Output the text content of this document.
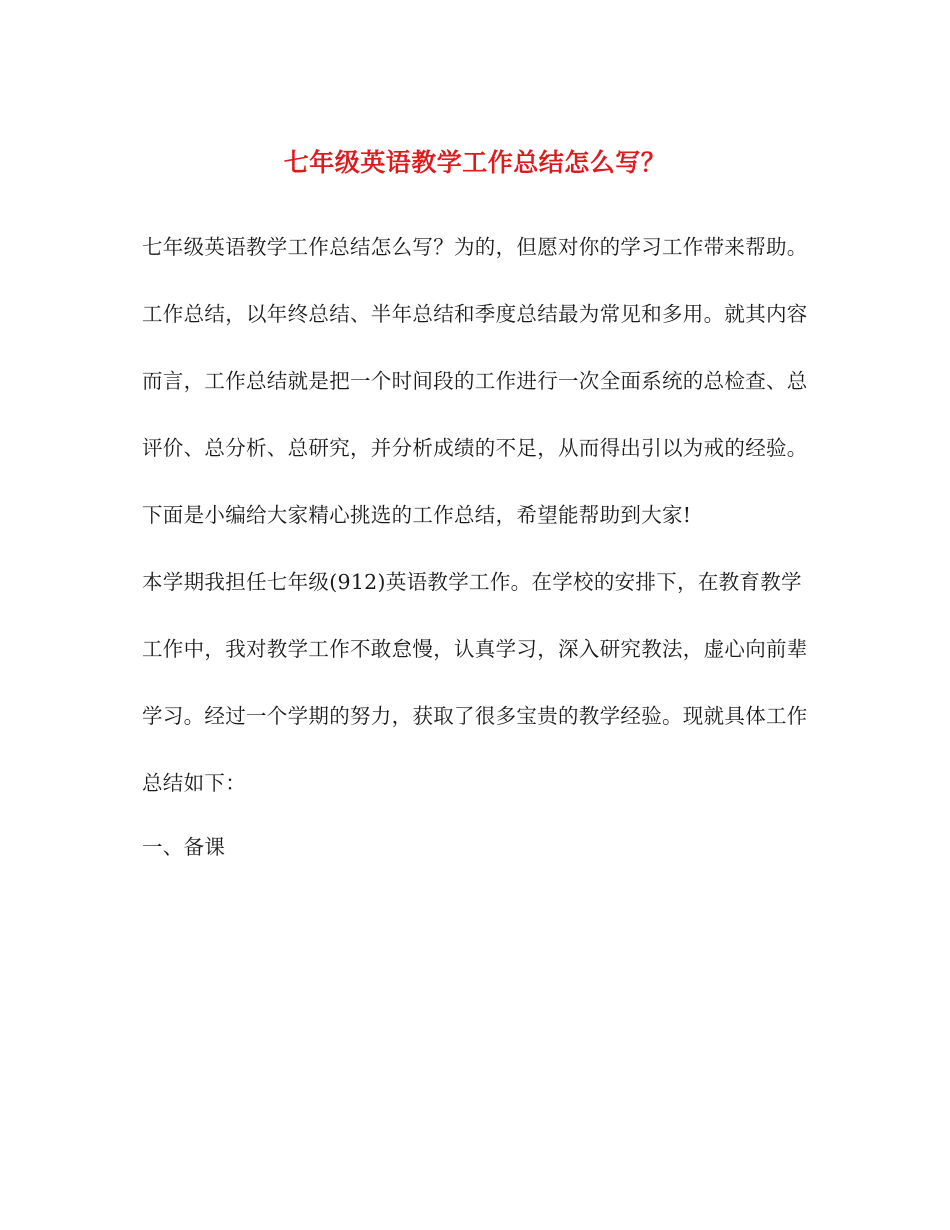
七年级英语教学工作总结怎么写？

七年级英语教学工作总结怎么写？为的，但愿对你的学习工作带来帮助。

工作总结，以年终总结、半年总结和季度总结最为常见和多用。就其内容而言，工作总结就是把一个时间段的工作进行一次全面系统的总检查、总评价、总分析、总研究，并分析成绩的不足，从而得出引以为戒的经验。下面是小编给大家精心挑选的工作总结，希望能帮助到大家!

本学期我担任七年级(912)英语教学工作。在学校的安排下，在教育教学工作中，我对教学工作不敢怠慢，认真学习，深入研究教法，虚心向前辈学习。经过一个学期的努力，获取了很多宝贵的教学经验。现就具体工作总结如下：

一、备课
